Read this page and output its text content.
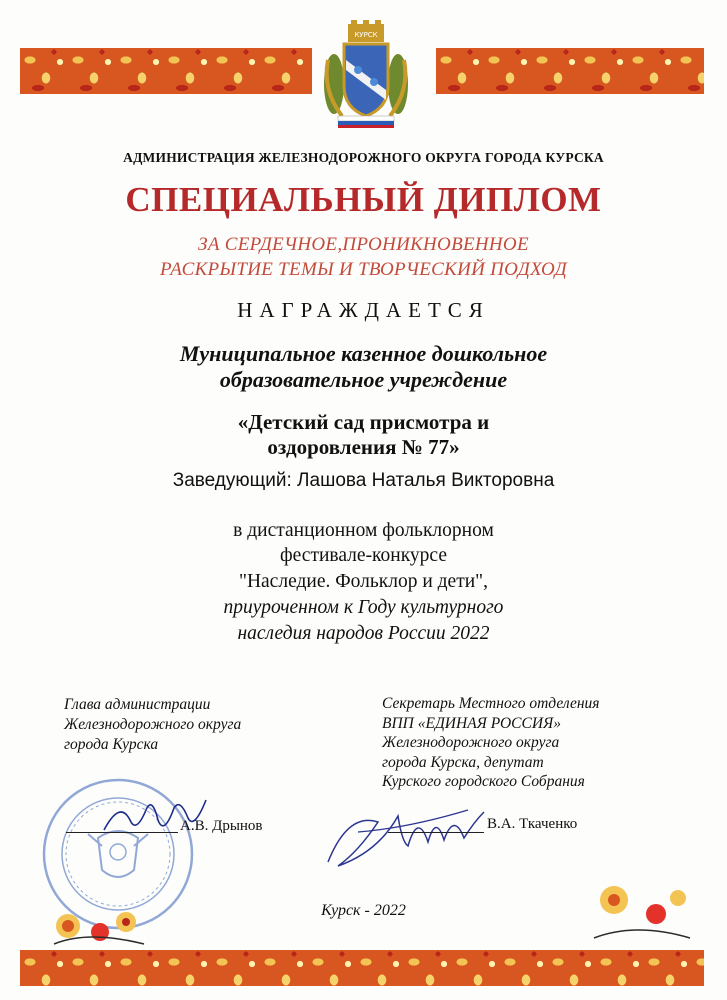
КУРСК
АДМИНИСТРАЦИЯ ЖЕЛЕЗНОДОРОЖНОГО ОКРУГА ГОРОДА КУРСКА
СПЕЦИАЛЬНЫЙ ДИПЛОМ
ЗА СЕРДЕЧНОЕ,ПРОНИКНОВЕННОЕ
РАСКРЫТИЕ ТЕМЫ И ТВОРЧЕСКИЙ ПОДХОД
НАГРАЖДАЕТСЯ
Муниципальное казенное дошкольное
образовательное учреждение
«Детский сад присмотра и
оздоровления № 77»
Заведующий: Лашова Наталья Викторовна
в дистанционном фольклорном
фестивале-конкурсе
"Наследие. Фольклор и дети",
приуроченном к Году культурного
наследия народов России 2022
Глава администрации
Железнодорожного округа
города Курска
А.В. Дрынов
Секретарь Местного отделения
ВПП «ЕДИНАЯ РОССИЯ»
Железнодорожного округа
города Курска, депутат
Курского городского Собрания
В.А. Ткаченко
Курск - 2022
